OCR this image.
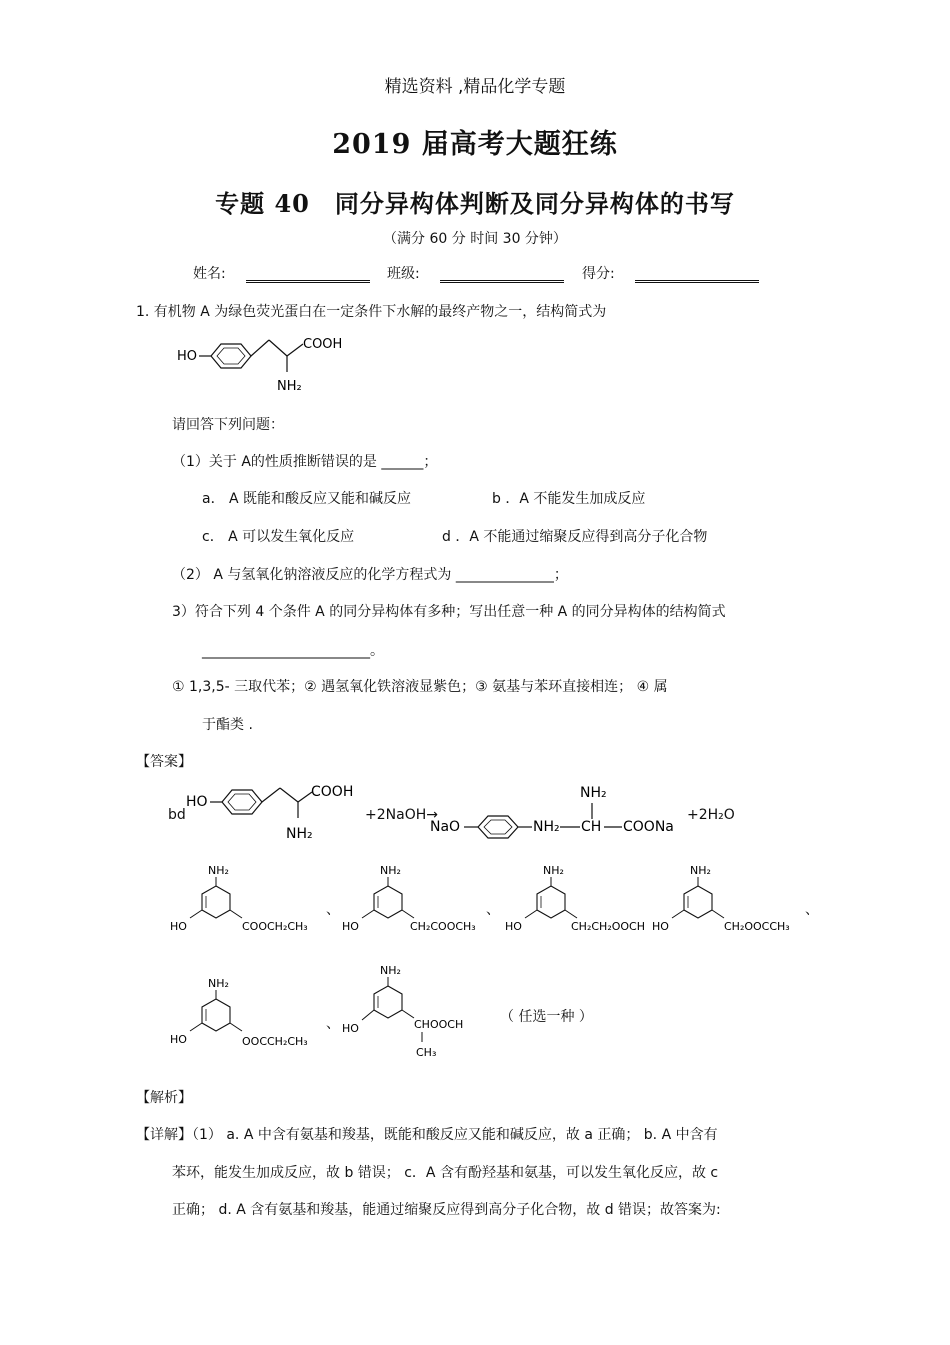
精选资料 ,精品化学专题
2019 届高考大题狂练
专题 40　同分异构体判断及同分异构体的书写
（满分 60 分 时间 30 分钟）
姓名:	班级:	得分:
1. 有机物 A 为绿色荧光蛋白在一定条件下水解的最终产物之一，结构简式为
HO
COOH
NH₂
请回答下列问题：
（1）关于 A的性质推断错误的是 ______；
a． A 既能和酸反应又能和碱反应	b ．A 不能发生加成反应
c． A 可以发生氧化反应	d ．A 不能通过缩聚反应得到高分子化合物
（2） A 与氢氧化钠溶液反应的化学方程式为 ______________；
3）符合下列 4 个条件 A 的同分异构体有多种；写出任意一种 A 的同分异构体的结构简式
________________________。
① 1,3,5- 三取代苯；② 遇氢氧化铁溶液显紫色；③ 氨基与苯环直接相连； ④ 属
于酯类 .
【答案】
bd
HO
COOH
NH₂
+2NaOH→
NaO	NH₂ CH
NH₂
COONa
+2H₂O
NH₂
HO	COOCH₂CH₃
、
NH₂
HO	CH₂COOCH₃
、
NH₂
HO	CH₂CH₂OOCH
NH₂
HO	CH₂OOCCH₃
、
NH₂
HO	OOCCH₂CH₃
、
NH₂
HO	CHOOCH
CH₃
（ 任选一种 ）
【解析】
【详解】（1） a. A 中含有氨基和羧基，既能和酸反应又能和碱反应，故 a 正确； b. A 中含有
苯环，能发生加成反应，故 b 错误； c．A 含有酚羟基和氨基，可以发生氧化反应，故 c
正确； d. A 含有氨基和羧基，能通过缩聚反应得到高分子化合物，故 d 错误；故答案为:
